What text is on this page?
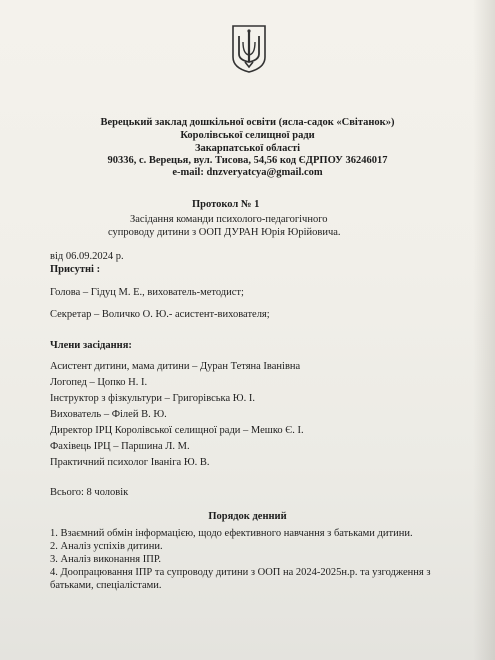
Верецький заклад дошкільної освіти (ясла-садок «Світанок»)
Королівської селищної ради
Закарпатської області
90336, с. Верецья, вул. Тисова, 54,56 код ЄДРПОУ 36246017
e-mail: dnzveryatcya@gmail.com
Протокол № 1
Засідання команди психолого-педагогічного
супроводу дитини з ООП ДУРАН Юрія Юрійовича.
від 06.09.2024 р.
Присутні :
Голова – Гідуц М. Е., вихователь-методист;
Секретар – Воличко О. Ю.- асистент-вихователя;
Члени засідання:
Асистент дитини, мама дитини – Дуран Тетяна Іванівна
Логопед – Цопко Н. І.
Інструктор з фізкультури – Григорівська Ю. І.
Вихователь – Філей В. Ю.
Директор ІРЦ Королівської селищної ради – Мешко Є. І.
Фахівець ІРЦ – Паршина Л. М.
Практичний психолог Іваніга Ю. В.
Всього: 8 чоловік
Порядок денний
1. Взаємний обмін інформацією, щодо ефективного навчання з батьками дитини.
2. Аналіз успіхів дитини.
3. Аналіз виконання ІПР.
4. Доопрацювання ІПР та супроводу дитини з ООП на 2024-2025н.р. та узгодження з
батьками, спеціалістами.
